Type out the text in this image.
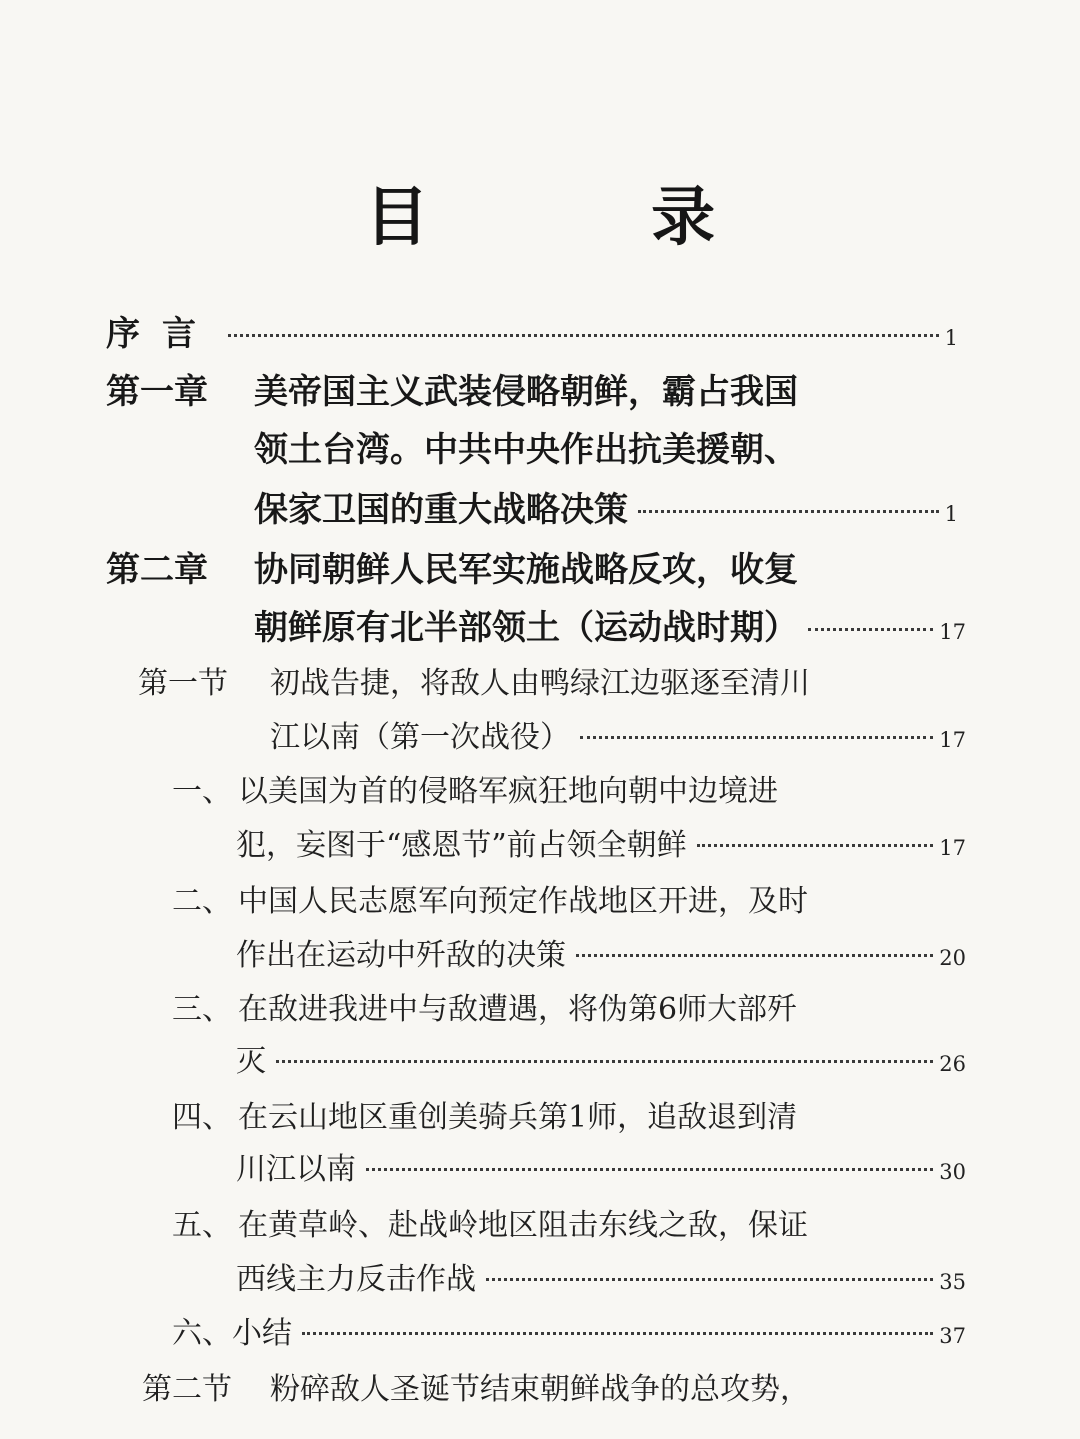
目 录
序言	1
第一章 美帝国主义武装侵略朝鲜，霸占我国
领土台湾。中共中央作出抗美援朝、
保家卫国的重大战略决策	1
第二章 协同朝鲜人民军实施战略反攻，收复
朝鲜原有北半部领土（运动战时期）	17
第一节 初战告捷，将敌人由鸭绿江边驱逐至清川
江以南（第一次战役）	17
一、 以美国为首的侵略军疯狂地向朝中边境进
犯，妄图于“感恩节”前占领全朝鲜	17
二、 中国人民志愿军向预定作战地区开进，及时
作出在运动中歼敌的决策	20
三、 在敌进我进中与敌遭遇，将伪第6师大部歼
灭	26
四、 在云山地区重创美骑兵第1师，追敌退到清
川江以南	30
五、 在黄草岭、赴战岭地区阻击东线之敌，保证
西线主力反击作战	35
六、 小结	37
第二节 粉碎敌人圣诞节结束朝鲜战争的总攻势，
